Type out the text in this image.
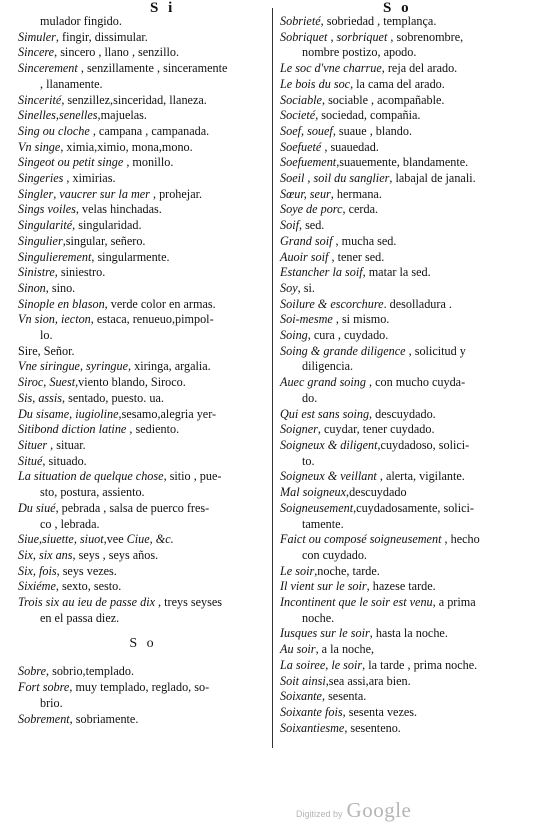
S i	S o
mulador fingido.
Simuler, fingir, dissimular.
Sincere, sincero , llano , senzillo.
Sincerement , senzillamente , sinceramente
, llanamente.
Sincerité, senzillez,sinceridad, llaneza.
Sinelles,senelles,majuelas.
Sing ou cloche , campana , campanada.
Vn singe, ximia,ximio, mona,mono.
Singeot ou petit singe , monillo.
Singeries , ximirias.
Singler, vaucrer sur la mer , prohejar.
Sings voiles, velas hinchadas.
Singularité, singularidad.
Singulier,singular, señero.
Singulierement, singularmente.
Sinistre, siniestro.
Sinon, sino.
Sinople en blason, verde color en armas.
Vn sion, iecton, estaca, renueuo,pimpol-
lo.
Sire, Señor.
Vne siringue, syringue, xiringa, argalia.
Siroc, Suest,viento blando, Siroco.
Sis, assis, sentado, puesto. ua.
Du sisame, iugioline,sesamo,alegria yer-
Sitibond diction latine , sediento.
Situer , situar.
Situé, situado.
La situation de quelque chose, sitio , pue-
sto, postura, assiento.
Du siué, pebrada , salsa de puerco fres-
co , lebrada.
Siue,siuette, siuot,vee Ciue, &c.
Six, six ans, seys , seys años.
Six, fois, seys vezes.
Sixiéme, sexto, sesto.
Trois six au ieu de passe dix , treys seyses
en el passa diez.
S o
Sobre, sobrio,templado.
Fort sobre, muy templado, reglado, so-
brio.
Sobrement, sobriamente.
Sobrieté, sobriedad , templança.
Sobriquet , sorbriquet , sobrenombre,
nombre postizo, apodo.
Le soc d'vne charrue, reja del arado.
Le bois du soc, la cama del arado.
Sociable, sociable , acompañable.
Societé, sociedad, compañia.
Soef, souef, suaue , blando.
Soefueté , suauedad.
Soefuement,suauemente, blandamente.
Soeil , soil du sanglier, labajal de janali.
Sœur, seur, hermana.
Soye de porc, cerda.
Soif, sed.
Grand soif , mucha sed.
Auoir soif , tener sed.
Estancher la soif, matar la sed.
Soy, si.
Soilure & escorchure. desolladura .
Soi-mesme , si mismo.
Soing, cura , cuydado.
Soing & grande diligence , solicitud y
diligencia.
Auec grand soing , con mucho cuyda-
do.
Qui est sans soing, descuydado.
Soigner, cuydar, tener cuydado.
Soigneux & diligent,cuydadoso, solici-
to.
Soigneux & veillant , alerta, vigilante.
Mal soigneux,descuydado
Soigneusement,cuydadosamente, solici-
tamente.
Faict ou composé soigneusement , hecho
con cuydado.
Le soir,noche, tarde.
Il vient sur le soir, hazese tarde.
Incontinent que le soir est venu, a prima
noche.
Iusques sur le soir, hasta la noche.
Au soir, a la noche,
La soiree, le soir, la tarde , prima noche.
Soit ainsi,sea assi,ara bien.
Soixante, sesenta.
Soixante fois, sesenta vezes.
Soixantiesme, sesenteno.
Digitized by Google
